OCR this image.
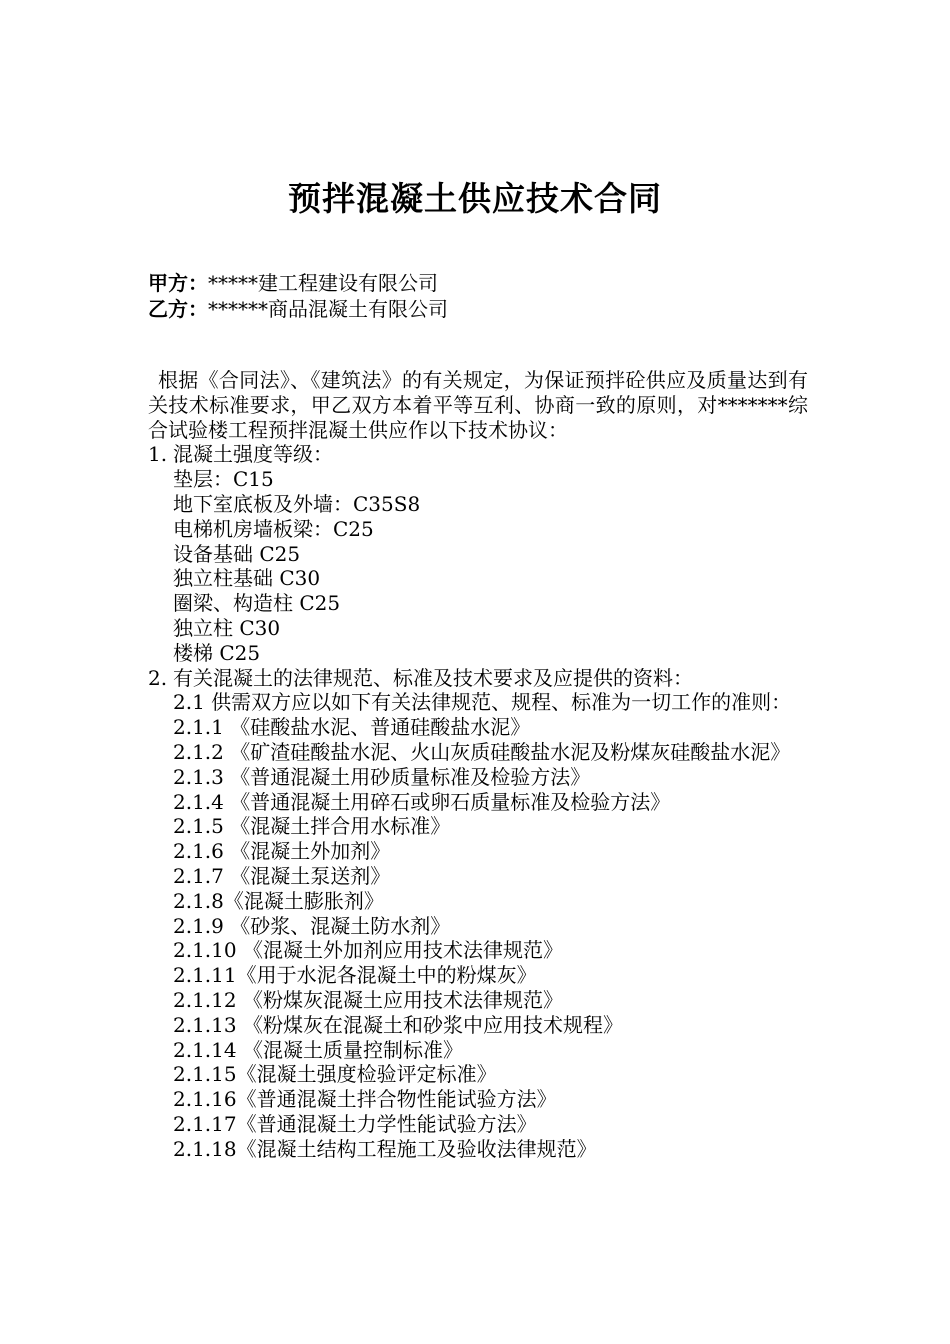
预拌混凝土供应技术合同
甲方：*****建工程建设有限公司
乙方：******商品混凝土有限公司

根据《合同法》、《建筑法》的有关规定，为保证预拌砼供应及质量达到有关技术标准要求，甲乙双方本着平等互利、协商一致的原则，对*******综合试验楼工程预拌混凝土供应作以下技术协议：

1. 混凝土强度等级：
垫层：C15
地下室底板及外墙：C35S8
电梯机房墙板梁：C25
设备基础 C25
独立柱基础 C30
圈梁、构造柱 C25
独立柱 C30
楼梯 C25
2. 有关混凝土的法律规范、标准及技术要求及应提供的资料：
2.1 供需双方应以如下有关法律规范、规程、标准为一切工作的准则：
2.1.1 《硅酸盐水泥、普通硅酸盐水泥》
2.1.2 《矿渣硅酸盐水泥、火山灰质硅酸盐水泥及粉煤灰硅酸盐水泥》
2.1.3 《普通混凝土用砂质量标准及检验方法》
2.1.4 《普通混凝土用碎石或卵石质量标准及检验方法》
2.1.5 《混凝土拌合用水标准》
2.1.6 《混凝土外加剂》
2.1.7 《混凝土泵送剂》
2.1.8《混凝土膨胀剂》
2.1.9 《砂浆、混凝土防水剂》
2.1.10 《混凝土外加剂应用技术法律规范》
2.1.11《用于水泥各混凝土中的粉煤灰》
2.1.12 《粉煤灰混凝土应用技术法律规范》
2.1.13 《粉煤灰在混凝土和砂浆中应用技术规程》
2.1.14 《混凝土质量控制标准》
2.1.15《混凝土强度检验评定标准》
2.1.16《普通混凝土拌合物性能试验方法》
2.1.17《普通混凝土力学性能试验方法》
2.1.18《混凝土结构工程施工及验收法律规范》
